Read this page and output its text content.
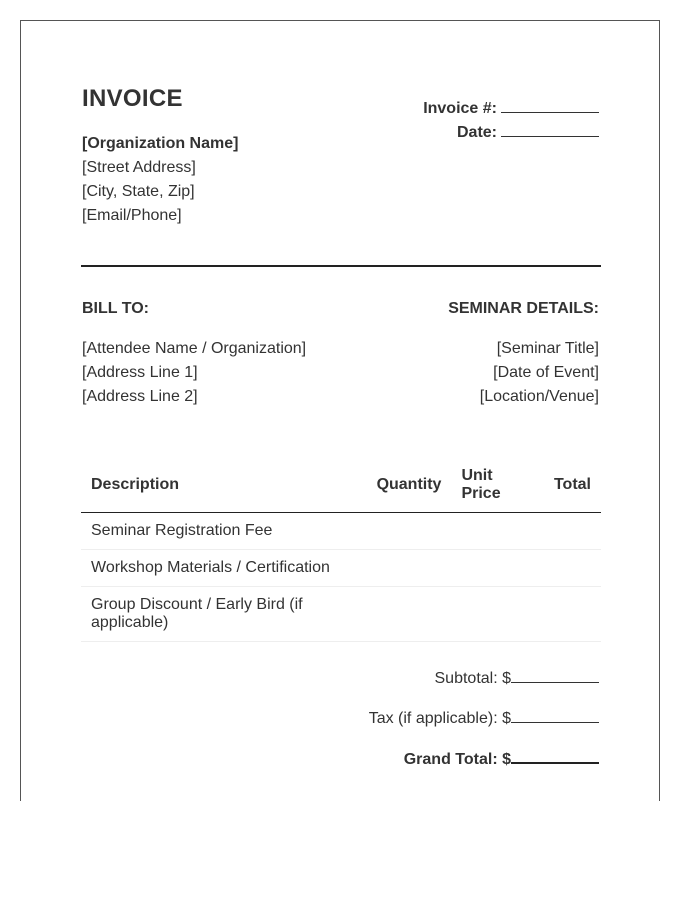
INVOICE
[Organization Name]
[Street Address]
[City, State, Zip]
[Email/Phone]
Invoice #:
Date:
BILL TO:	SEMINAR DETAILS:
[Attendee Name / Organization]
[Address Line 1]
[Address Line 2]
[Seminar Title]
[Date of Event]
[Location/Venue]
Description	Quantity	Unit Price	Total
Seminar Registration Fee			
Workshop Materials / Certification			
Group Discount / Early Bird (if applicable)			
Subtotal: $
Tax (if applicable): $
Grand Total: $
